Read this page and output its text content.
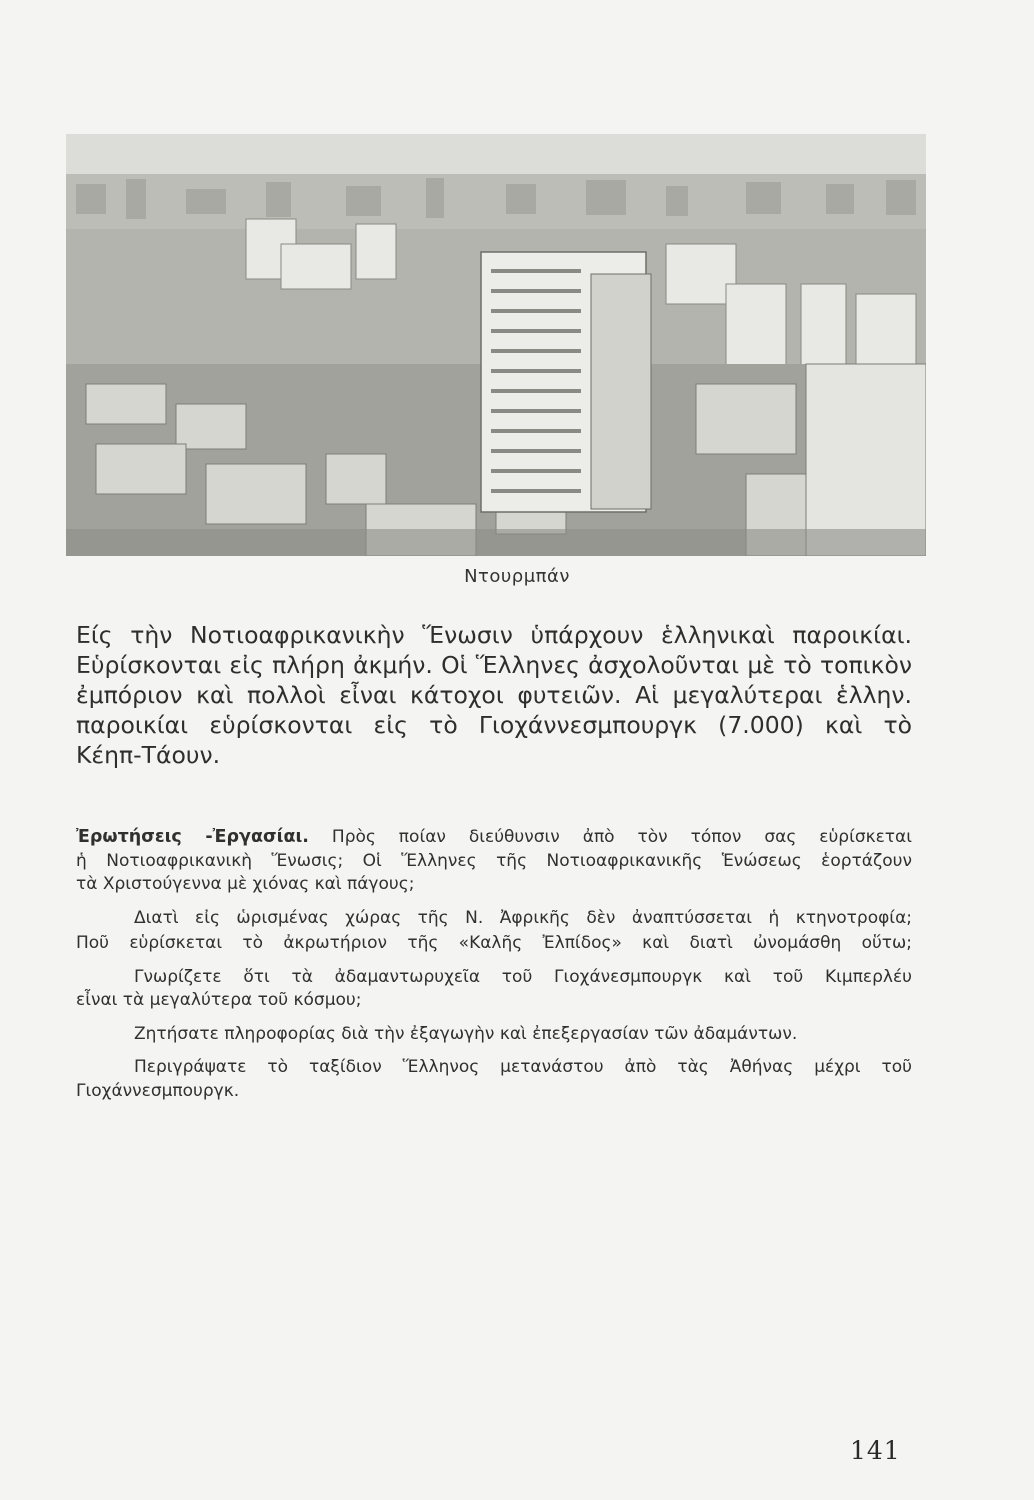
Ντουρμπάν
Είς τὴν Νοτιοαφρικανικὴν Ἕνωσιν ὑπάρχουν ἑλληνικαὶ παροικίαι.
Εὑρίσκονται εἰς πλήρη ἀκμήν. Οἱ Ἕλληνες ἀσχολοῦνται μὲ τὸ τοπικὸν
ἐμπόριον καὶ πολλοὶ εἶναι κάτοχοι φυτειῶν. Αἱ μεγαλύτεραι ἑλλην.
παροικίαι εὑρίσκονται εἰς τὸ Γιοχάννεσμπουργκ (7.000) καὶ τὸ
Κέηπ-Τάουν.
Ἐρωτήσεις -Ἐργασίαι. Πρὸς ποίαν διεύθυνσιν ἀπὸ τὸν τόπον σας εὑρίσκεται
ἡ Νοτιοαφρικανικὴ Ἕνωσις; Οἱ Ἕλληνες τῆς Νοτιοαφρικανικῆς Ἑνώσεως ἑορτάζουν
τὰ Χριστούγεννα μὲ χιόνας καὶ πάγους;
Διατὶ εἰς ὡρισμένας χώρας τῆς Ν. Ἀφρικῆς δὲν ἀναπτύσσεται ἡ κτηνοτροφία;
Ποῦ εὑρίσκεται τὸ ἀκρωτήριον τῆς «Καλῆς Ἐλπίδος» καὶ διατὶ ὠνομάσθη οὕτω;
Γνωρίζετε ὅτι τὰ ἀδαμαντωρυχεῖα τοῦ Γιοχάνεσμπουργκ καὶ τοῦ Κιμπερλέυ
εἶναι τὰ μεγαλύτερα τοῦ κόσμου;
Ζητήσατε πληροφορίας διὰ τὴν ἐξαγωγὴν καὶ ἐπεξεργασίαν τῶν ἀδαμάντων.
Περιγράψατε τὸ ταξίδιον Ἕλληνος μετανάστου ἀπὸ τὰς Ἀθήνας μέχρι τοῦ
Γιοχάννεσμπουργκ.
141
